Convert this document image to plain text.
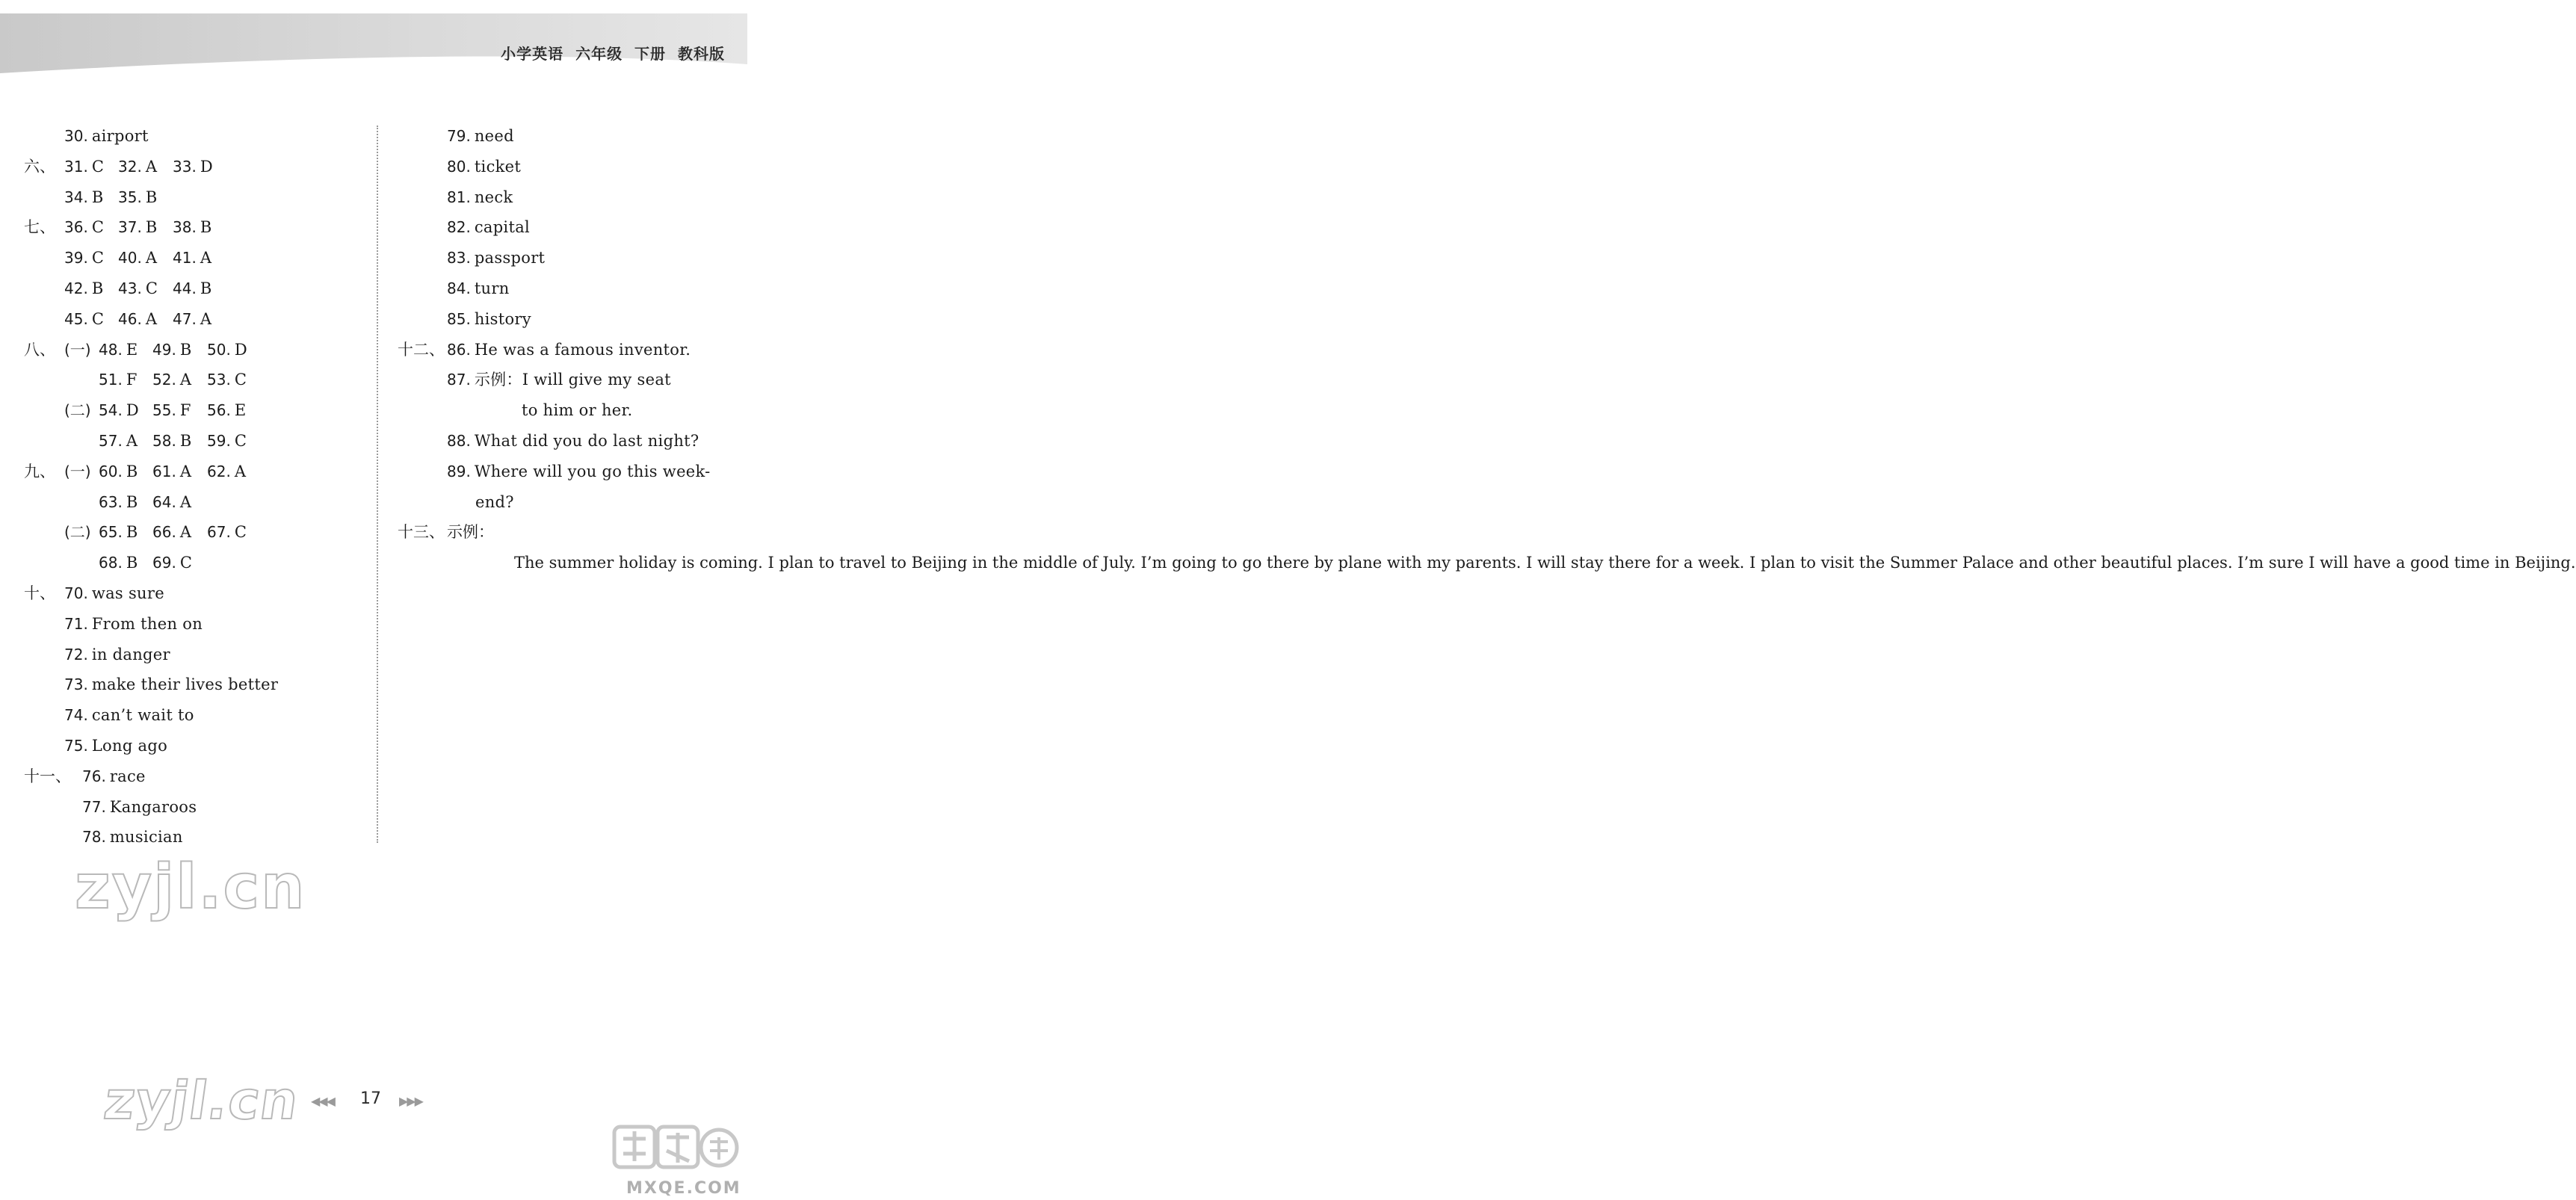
小学英语 六年级 下册 教科版
30. airport
六、 31. C 32. A 33. D
34. B 35. B
七、 36. C 37. B 38. B
39. C 40. A 41. A
42. B 43. C 44. B
45. C 46. A 47. A
八、 (一) 48. E 49. B 50. D
51. F 52. A 53. C
(二) 54. D 55. F 56. E
57. A 58. B 59. C
九、 (一) 60. B 61. A 62. A
63. B 64. A
(二) 65. B 66. A 67. C
68. B 69. C
十、 70. was sure
71. From then on
72. in danger
73. make their lives better
74. can’t wait to
75. Long ago
十一、 76. race
77. Kangaroos
78. musician
79. need
80. ticket
81. neck
82. capital
83. passport
84. turn
85. history
十二、 86. He was a famous inventor.
87. 示例：I will give my seat
to him or her.
88. What did you do last night?
89. Where will you go this week-
end?
十三、 示例：
The summer holiday is coming. I plan to travel to Beijing in the middle of July. I’m going to go there by plane with my parents. I will stay there for a week. I plan to visit the Summer Palace and other beautiful places. I’m sure I will have a good time in Beijing.
zyjl.cn
zyjl.cn ◀◀◀ 17 ▶▶▶
MXQE.COM
